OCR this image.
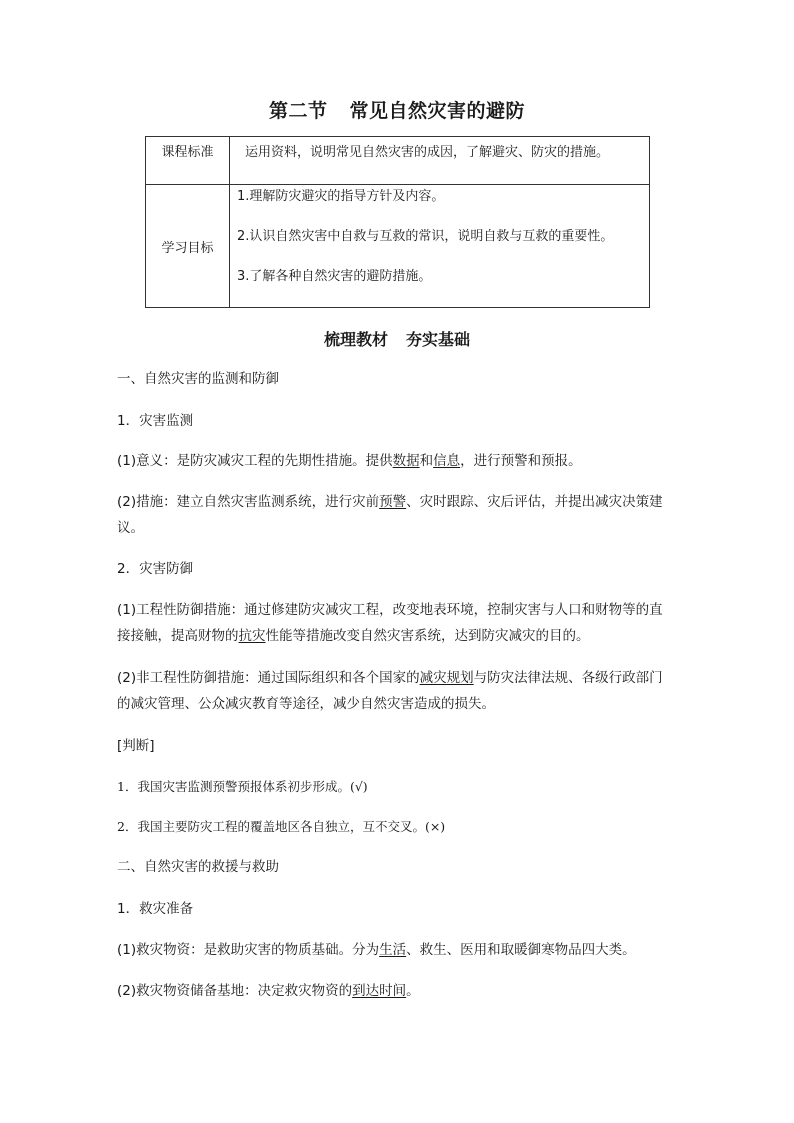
第二节 常见自然灾害的避防
课程标准	运用资料，说明常见自然灾害的成因，了解避灾、防灾的措施。
学习目标	1.理解防灾避灾的指导方针及内容。
2.认识自然灾害中自救与互救的常识，说明自救与互救的重要性。
3.了解各种自然灾害的避防措施。
梳理教材 夯实基础
一、自然灾害的监测和防御
1．灾害监测
(1)意义：是防灾减灾工程的先期性措施。提供数据和信息，进行预警和预报。
(2)措施：建立自然灾害监测系统，进行灾前预警、灾时跟踪、灾后评估，并提出减灾决策建
议。
2．灾害防御
(1)工程性防御措施：通过修建防灾减灾工程，改变地表环境，控制灾害与人口和财物等的直
接接触，提高财物的抗灾性能等措施改变自然灾害系统，达到防灾减灾的目的。
(2)非工程性防御措施：通过国际组织和各个国家的减灾规划与防灾法律法规、各级行政部门
的减灾管理、公众减灾教育等途径，减少自然灾害造成的损失。
[判断]
1．我国灾害监测预警预报体系初步形成。(√)
2．我国主要防灾工程的覆盖地区各自独立，互不交叉。(×)
二、自然灾害的救援与救助
1．救灾准备
(1)救灾物资：是救助灾害的物质基础。分为生活、救生、医用和取暖御寒物品四大类。
(2)救灾物资储备基地：决定救灾物资的到达时间。
